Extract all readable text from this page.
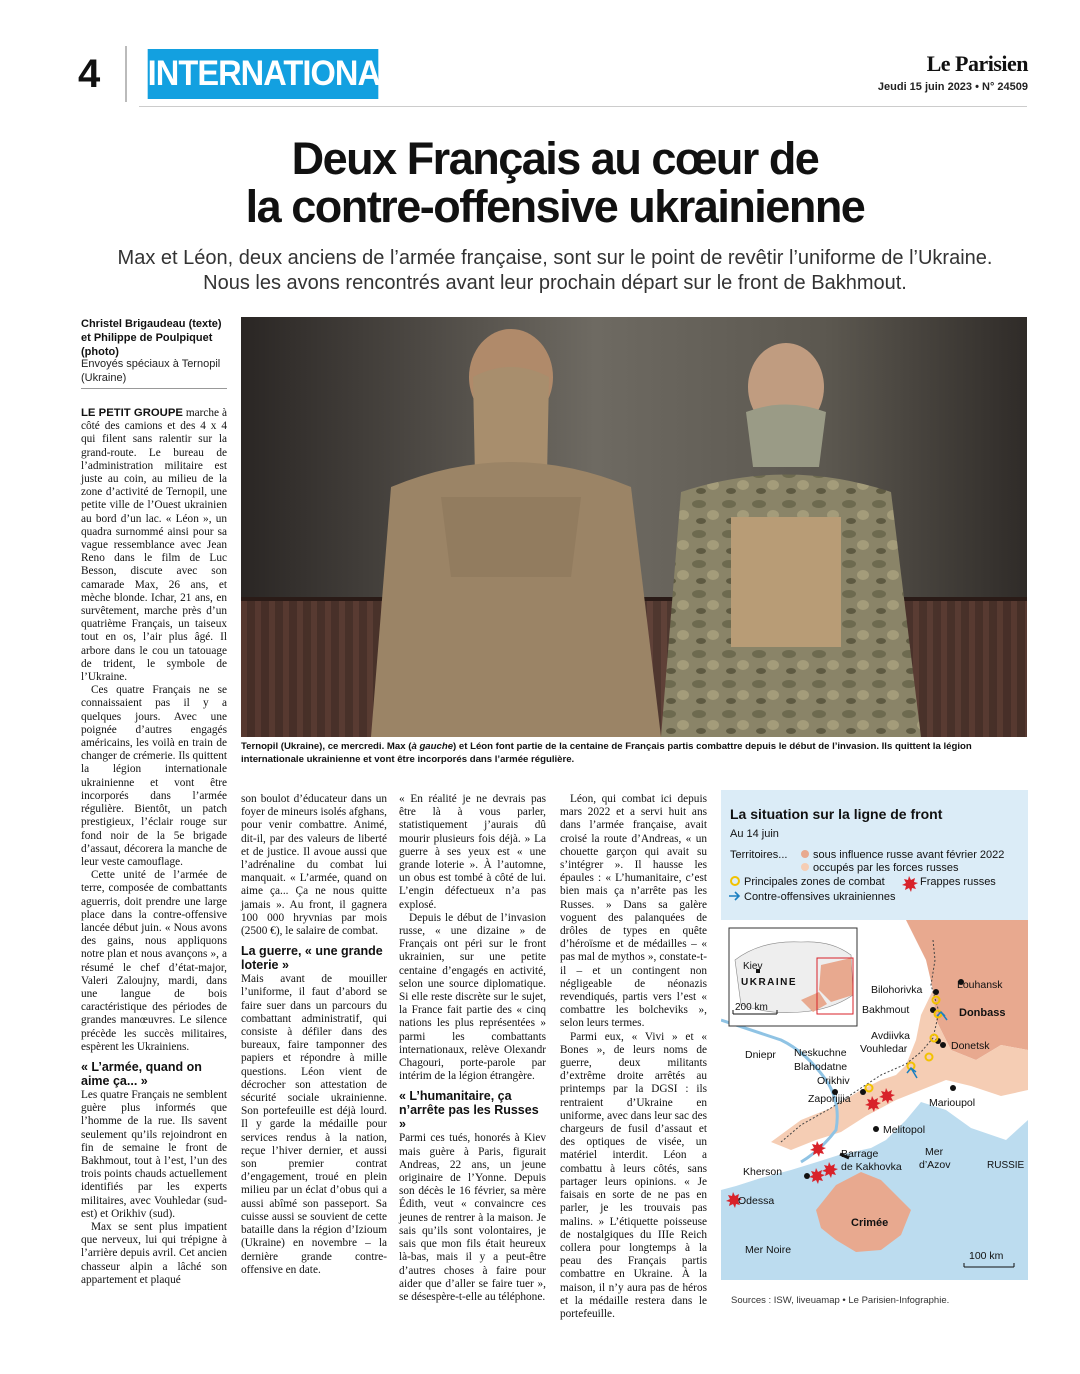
4 INTERNATIONAL	Le Parisien
Jeudi 15 juin 2023 • N° 24509
Deux Français au cœur de
la contre-offensive ukrainienne
Max et Léon, deux anciens de l’armée française, sont sur le point de revêtir l’uniforme de l’Ukraine.
Nous les avons rencontrés avant leur prochain départ sur le front de Bakhmout.
Christel Brigaudeau (texte) et Philippe de Poulpiquet (photo)
Envoyés spéciaux à Ternopil (Ukraine)
Ternopil (Ukraine), ce mercredi. Max (à gauche) et Léon font partie de la centaine de Français partis combattre depuis le début de l’invasion. Ils quittent la légion internationale ukrainienne et vont être incorporés dans l’armée régulière.

LE PETIT GROUPE marche à côté des camions et des 4 x 4 qui filent sans ralentir sur la grand-route. Le bureau de l’administration militaire est juste au coin, au milieu de la zone d’activité de Ternopil, une petite ville de l’Ouest ukrainien au bord d’un lac. « Léon », un quadra surnommé ainsi pour sa vague ressemblance avec Jean Reno dans le film de Luc Besson, discute avec son camarade Max, 26 ans, et mèche blonde. Ichar, 21 ans, en survêtement, marche près d’un quatrième Français, un taiseux tout en os, l’air plus âgé. Il arbore dans le cou un tatouage de trident, le symbole de l’Ukraine.

Ces quatre Français ne se connaissaient pas il y a quelques jours. Avec une poignée d’autres engagés américains, les voilà en train de changer de crémerie. Ils quittent la légion internationale ukrainienne et vont être incorporés dans l’armée régulière. Bientôt, un patch prestigieux, l’éclair rouge sur fond noir de la 5e brigade d’assaut, décorera la manche de leur veste camouflage.

Cette unité de l’armée de terre, composée de combattants aguerris, doit prendre une large place dans la contre-offensive lancée début juin. « Nous avons des gains, nous appliquons notre plan et nous avançons », a résumé le chef d’état-major, Valeri Zaloujny, mardi, dans une langue de bois caractéristique des périodes de grandes manœuvres. Le silence précède les succès militaires, espèrent les Ukrainiens.

« L’armée, quand on aime ça... »

Les quatre Français ne semblent guère plus informés que l’homme de la rue. Ils savent seulement qu’ils rejoindront en fin de semaine le front de Bakhmout, tout à l’est, l’un des trois points chauds actuellement identifiés par les experts militaires, avec Vouhledar (sud-est) et Orikhiv (sud).

Max se sent plus impatient que nerveux, lui qui trépigne à l’arrière depuis avril. Cet ancien chasseur alpin a lâché son appartement et plaqué

son boulot d’éducateur dans un foyer de mineurs isolés afghans, pour venir combattre. Animé, dit-il, par des valeurs de liberté et de justice. Il avoue aussi que l’adrénaline du combat lui manquait. « L’armée, quand on aime ça... Ça ne nous quitte jamais ». Au front, il gagnera 100 000 hryvnias par mois (2500 €), le salaire de combat.

La guerre, « une grande loterie »

Mais avant de mouiller l’uniforme, il faut d’abord se faire suer dans un parcours du combattant administratif, qui consiste à défiler dans des bureaux, faire tamponner des papiers et répondre à mille questions. Léon vient de décrocher son attestation de sécurité sociale ukrainienne. Son portefeuille est déjà lourd. Il y garde la médaille pour services rendus à la nation, reçue l’hiver dernier, et aussi son premier contrat d’engagement, troué en plein milieu par un éclat d’obus qui a aussi abîmé son passeport. Sa cuisse aussi se souvient de cette bataille dans la région d’Izioum (Ukraine) en novembre – la dernière grande contre-offensive en date.

« En réalité je ne devrais pas être là à vous parler, statistiquement j’aurais dû mourir plusieurs fois déjà. » La guerre à ses yeux est « une grande loterie ». À l’automne, un obus est tombé à côté de lui. L’engin défectueux n’a pas explosé.

Depuis le début de l’invasion russe, « une dizaine » de Français ont péri sur le front ukrainien, sur une petite centaine d’engagés en activité, selon une source diplomatique. Si elle reste discrète sur le sujet, la France fait partie des « cinq nations les plus représentées » parmi les combattants internationaux, relève Olexandr Chagouri, porte-parole par intérim de la légion étrangère.

« L’humanitaire, ça n’arrête pas les Russes »

Parmi ces tués, honorés à Kiev mais guère à Paris, figurait Andreas, 22 ans, un jeune originaire de l’Yonne. Depuis son décès le 16 février, sa mère Édith, veut « convaincre ces jeunes de rentrer à la maison. Je sais qu’ils sont volontaires, je sais que mon fils était heureux là-bas, mais il y a peut-être d’autres choses à faire pour aider que d’aller se faire tuer », se désespère-t-elle au téléphone.

Léon, qui combat ici depuis mars 2022 et a servi huit ans dans l’armée française, avait croisé la route d’Andreas, « un chouette garçon qui avait su s’intégrer ». Il hausse les épaules : « L’humanitaire, c’est bien mais ça n’arrête pas les Russes. » Dans sa galère voguent des palanquées de drôles de types en quête d’héroïsme et de médailles – « pas mal de mythos », constate-t-il – et un contingent non négligeable de néonazis revendiqués, partis vers l’est « combattre les bolcheviks », selon leurs termes.

Parmi eux, « Vivi » et « Bones », de leurs noms de guerre, deux militants d’extrême droite arrêtés au printemps par la DGSI : ils rentraient d’Ukraine en uniforme, avec dans leur sac des chargeurs de fusil d’assaut et des optiques de visée, un matériel interdit. Léon a combattu à leurs côtés, sans partager leurs opinions. « Je faisais en sorte de ne pas en parler, je les trouvais pas malins. » L’étiquette poisseuse de nostalgiques du IIIe Reich collera pour longtemps à la peau des Français partis combattre en Ukraine. À la maison, il n’y aura pas de héros et la médaille restera dans le portefeuille.

La situation sur la ligne de front
Au 14 juin
Territoires... sous influence russe avant février 2022
occupés par les forces russes
Principales zones de combat	Frappes russes
Contre-offensives ukrainiennes
Kiev
UKRAINE
200 km
Bilohorivka	Louhansk
Bakhmout	Donbass
Avdiivka
Vouhledar	Donetsk
Dniepr Neskuchne
Blahodatne
Orikhiv
Zaporijjia	Marioupol
Melitopol
Barrage
de Kakhovka
Mer
d’Azov	RUSSIE
Kherson
Odessa
Crimée
Mer Noire	100 km
Sources : ISW, liveuamap • Le Parisien-Infographie.
